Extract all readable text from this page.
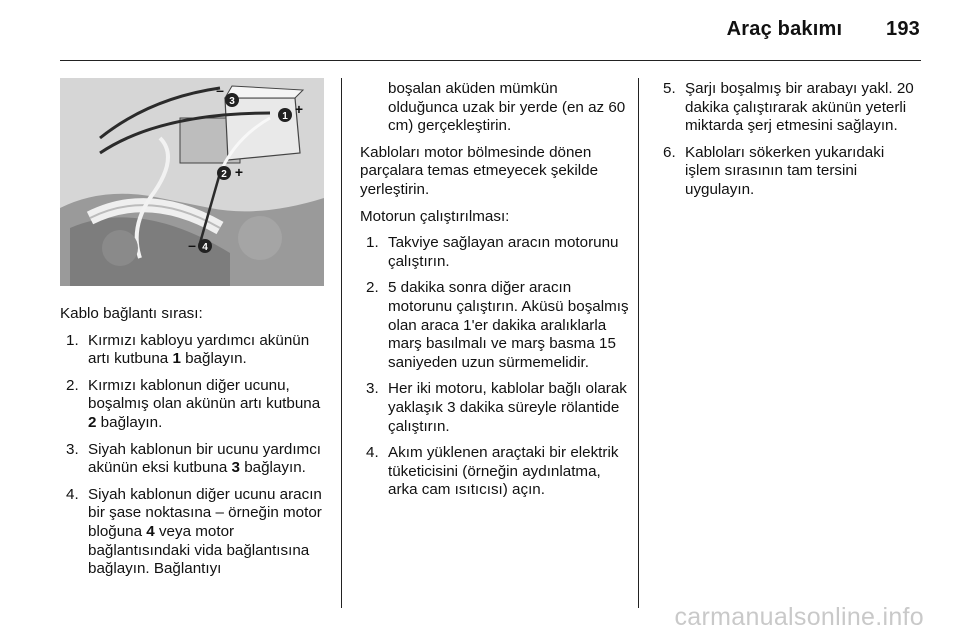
Araç bakımı 193
3
–
1 +
2 +
4
–

Kablo bağlantı sırası:

1. Kırmızı kabloyu yardımcı akünün artı kutbuna 1 bağlayın.
2. Kırmızı kablonun diğer ucunu, boşalmış olan akünün artı kutbuna 2 bağlayın.
3. Siyah kablonun bir ucunu yardımcı akünün eksi kutbuna 3 bağlayın.
4. Siyah kablonun diğer ucunu aracın bir şase noktasına – örneğin motor bloğuna 4 veya motor bağlantısındaki vida bağlantısına bağlayın. Bağlantıyı
boşalan aküden mümkün olduğunca uzak bir yerde (en az 60 cm) gerçekleştirin.

Kabloları motor bölmesinde dönen parçalara temas etmeyecek şekilde yerleştirin.

Motorun çalıştırılması:

1. Takviye sağlayan aracın motorunu çalıştırın.
2. 5 dakika sonra diğer aracın motorunu çalıştırın. Aküsü boşalmış olan araca 1'er dakika aralıklarla marş basılmalı ve marş basma 15 saniyeden uzun sürmemelidir.
3. Her iki motoru, kablolar bağlı olarak yaklaşık 3 dakika süreyle rölantide çalıştırın.
4. Akım yüklenen araçtaki bir elektrik tüketicisini (örneğin aydınlatma, arka cam ısıtıcısı) açın.
5. Şarjı boşalmış bir arabayı yakl. 20 dakika çalıştırarak akünün yeterli miktarda şerj etmesini sağlayın.
6. Kabloları sökerken yukarıdaki işlem sırasının tam tersini uygulayın.
carmanualsonline.info
